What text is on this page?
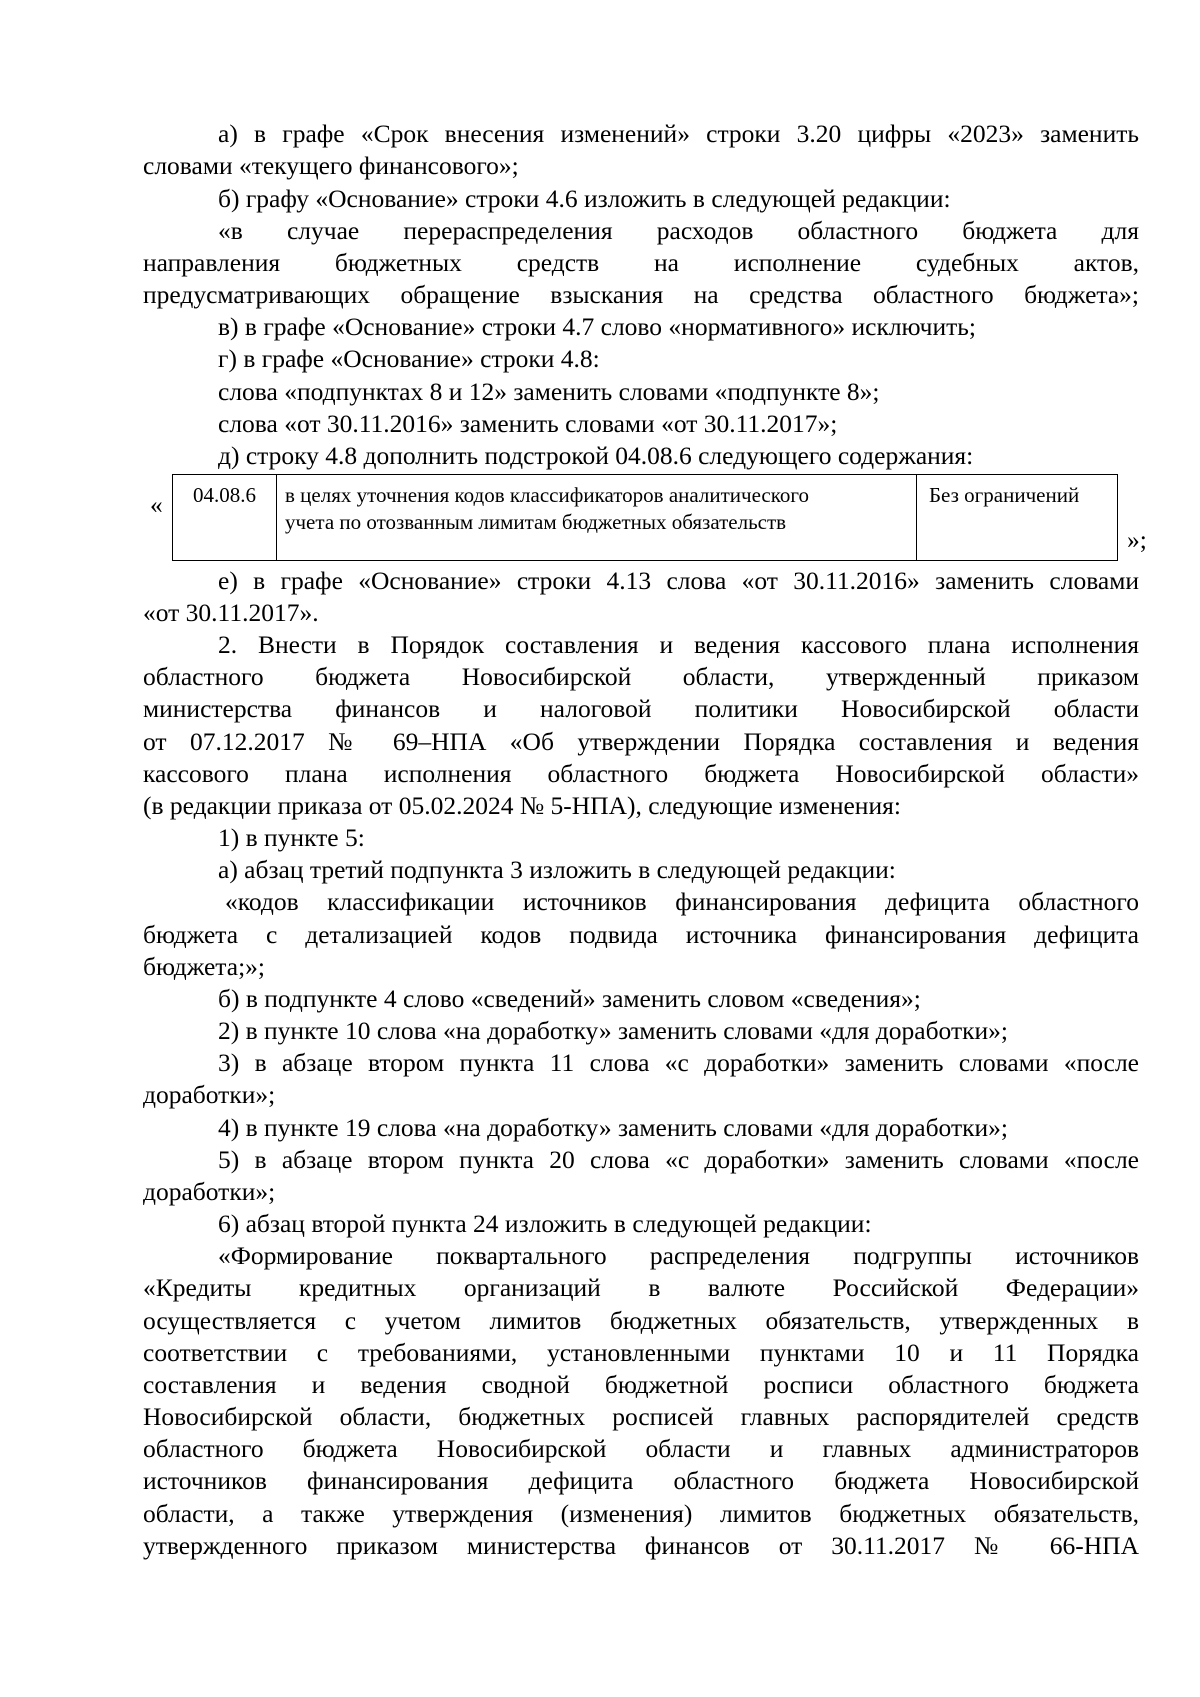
а) в графе «Срок внесения изменений» строки 3.20 цифры «2023» заменить
словами «текущего финансового»;
б) графу «Основание» строки 4.6 изложить в следующей редакции:
«в случае перераспределения расходов областного бюджета для
направления бюджетных средств на исполнение судебных актов,
предусматривающих обращение взыскания на средства областного бюджета»;
в) в графе «Основание» строки 4.7 слово «нормативного» исключить;
г) в графе «Основание» строки 4.8:
слова «подпунктах 8 и 12» заменить словами «подпункте 8»;
слова «от 30.11.2016» заменить словами «от 30.11.2017»;
д) строку 4.8 дополнить подстрокой 04.08.6 следующего содержания:
«	04.08.6	в целях уточнения кодов классификаторов аналитического
учета по отозванным лимитам бюджетных обязательств
Без ограничений
»;
е) в графе «Основание» строки 4.13 слова «от 30.11.2016» заменить словами
«от 30.11.2017».
2. Внести в Порядок составления и ведения кассового плана исполнения
областного бюджета Новосибирской области, утвержденный приказом
министерства финансов и налоговой политики Новосибирской области
от 07.12.2017 № 69–НПА «Об утверждении Порядка составления и ведения
кассового плана исполнения областного бюджета Новосибирской области»
(в редакции приказа от 05.02.2024 № 5-НПА), следующие изменения:
1) в пункте 5:
а) абзац третий подпункта 3 изложить в следующей редакции:
«кодов классификации источников финансирования дефицита областного
бюджета с детализацией кодов подвида источника финансирования дефицита
бюджета;»;
б) в подпункте 4 слово «сведений» заменить словом «сведения»;
2) в пункте 10 слова «на доработку» заменить словами «для доработки»;
3) в абзаце втором пункта 11 слова «с доработки» заменить словами «после
доработки»;
4) в пункте 19 слова «на доработку» заменить словами «для доработки»;
5) в абзаце втором пункта 20 слова «с доработки» заменить словами «после
доработки»;
6) абзац второй пункта 24 изложить в следующей редакции:
«Формирование поквартального распределения подгруппы источников
«Кредиты кредитных организаций в валюте Российской Федерации»
осуществляется с учетом лимитов бюджетных обязательств, утвержденных в
соответствии с требованиями, установленными пунктами 10 и 11 Порядка
составления и ведения сводной бюджетной росписи областного бюджета
Новосибирской области, бюджетных росписей главных распорядителей средств
областного бюджета Новосибирской области и главных администраторов
источников финансирования дефицита областного бюджета Новосибирской
области, а также утверждения (изменения) лимитов бюджетных обязательств,
утвержденного приказом министерства финансов от 30.11.2017 № 66-НПА
